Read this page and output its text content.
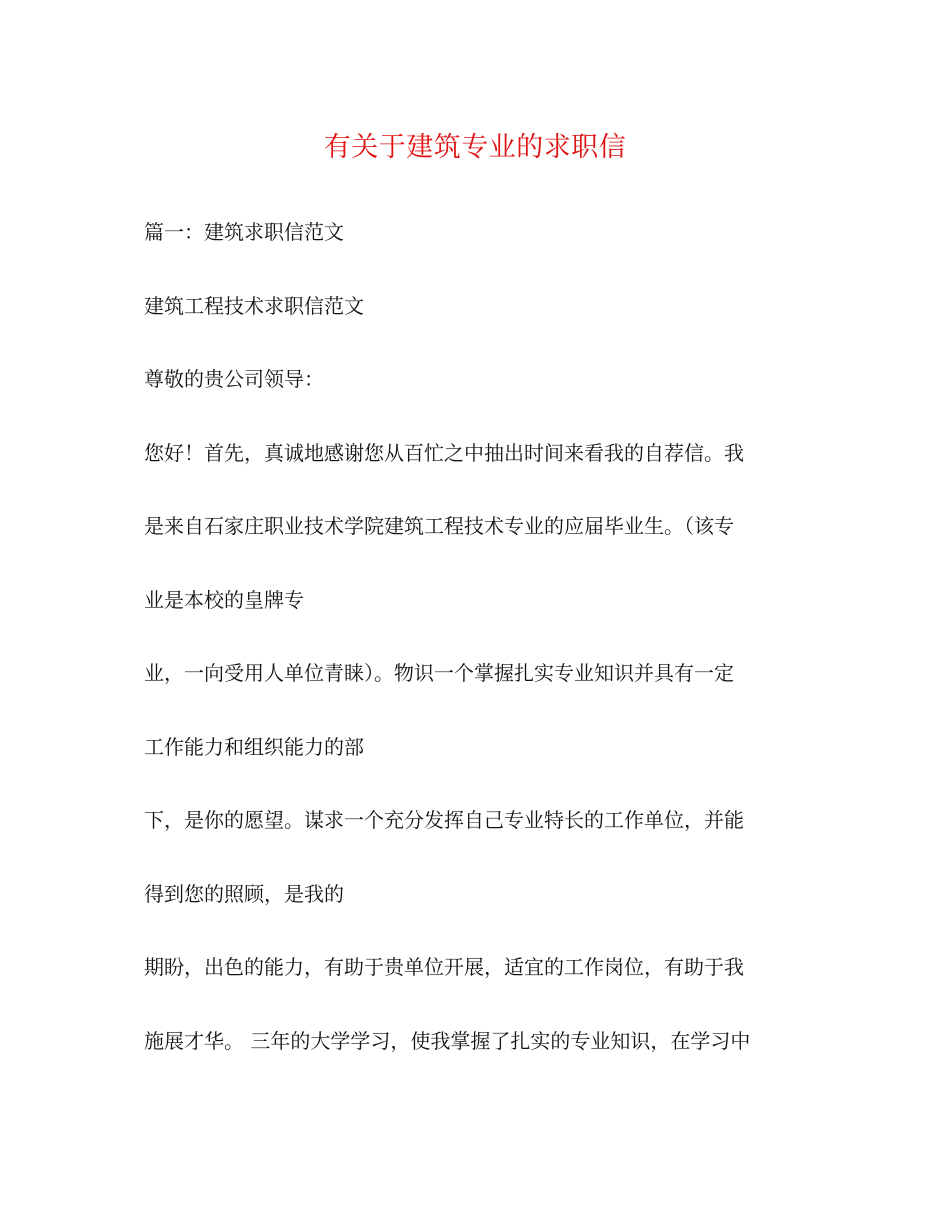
有关于建筑专业的求职信
篇一：建筑求职信范文
建筑工程技术求职信范文
尊敬的贵公司领导：
您好！首先，真诚地感谢您从百忙之中抽出时间来看我的自荐信。我
是来自石家庄职业技术学院建筑工程技术专业的应届毕业生。（该专
业是本校的皇牌专
业，一向受用人单位青睐）。物识一个掌握扎实专业知识并具有一定
工作能力和组织能力的部
下，是你的愿望。谋求一个充分发挥自己专业特长的工作单位，并能
得到您的照顾，是我的
期盼，出色的能力，有助于贵单位开展，适宜的工作岗位，有助于我
施展才华。 三年的大学学习，使我掌握了扎实的专业知识，在学习中
